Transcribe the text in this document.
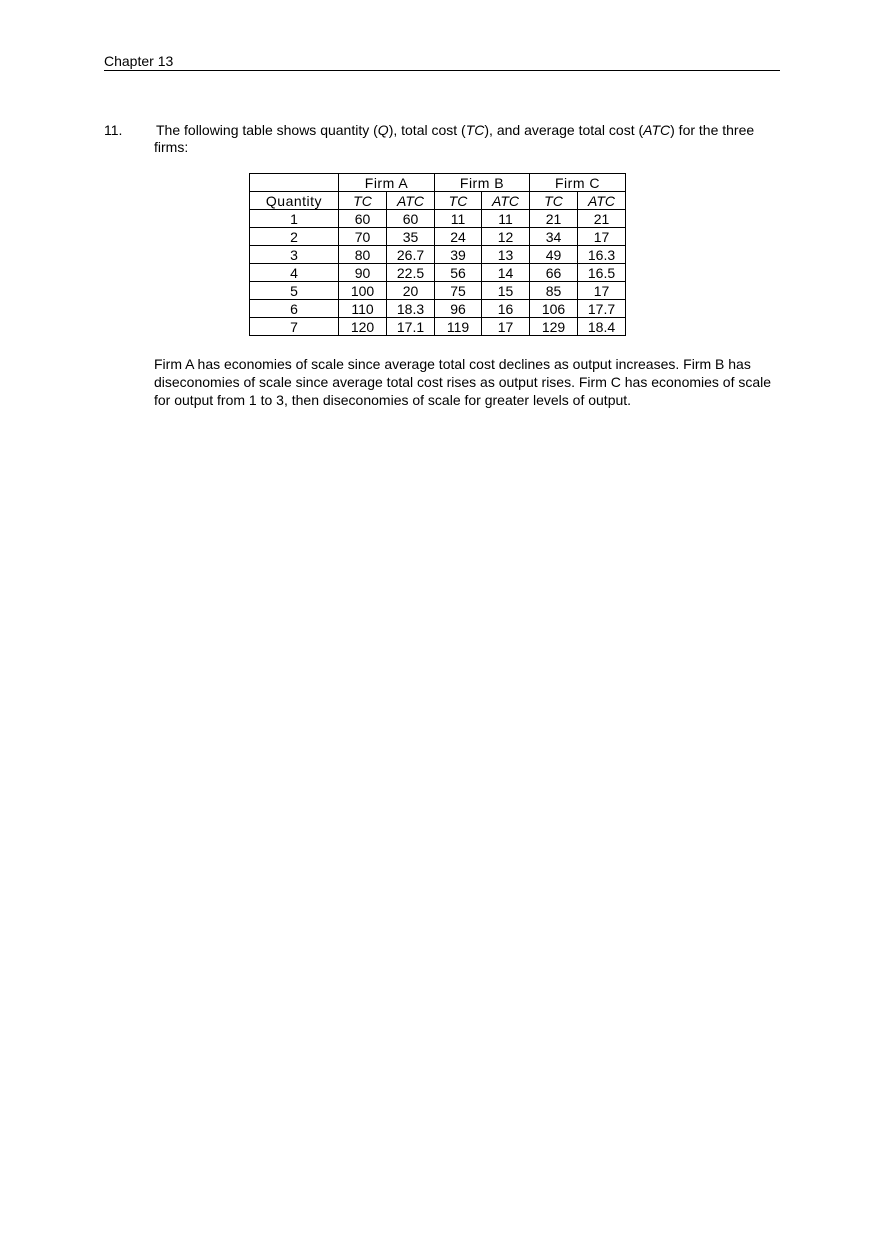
Chapter 13
11. The following table shows quantity (Q), total cost (TC), and average total cost (ATC) for the three firms:
	Firm A		Firm B		Firm C	
Quantity	TC	ATC	TC	ATC	TC	ATC
1	60	60	11	11	21	21
2	70	35	24	12	34	17
3	80	26.7	39	13	49	16.3
4	90	22.5	56	14	66	16.5
5	100	20	75	15	85	17
6	110	18.3	96	16	106	17.7
7	120	17.1	119	17	129	18.4
Firm A has economies of scale since average total cost declines as output increases. Firm B has diseconomies of scale since average total cost rises as output rises. Firm C has economies of scale for output from 1 to 3, then diseconomies of scale for greater levels of output.
